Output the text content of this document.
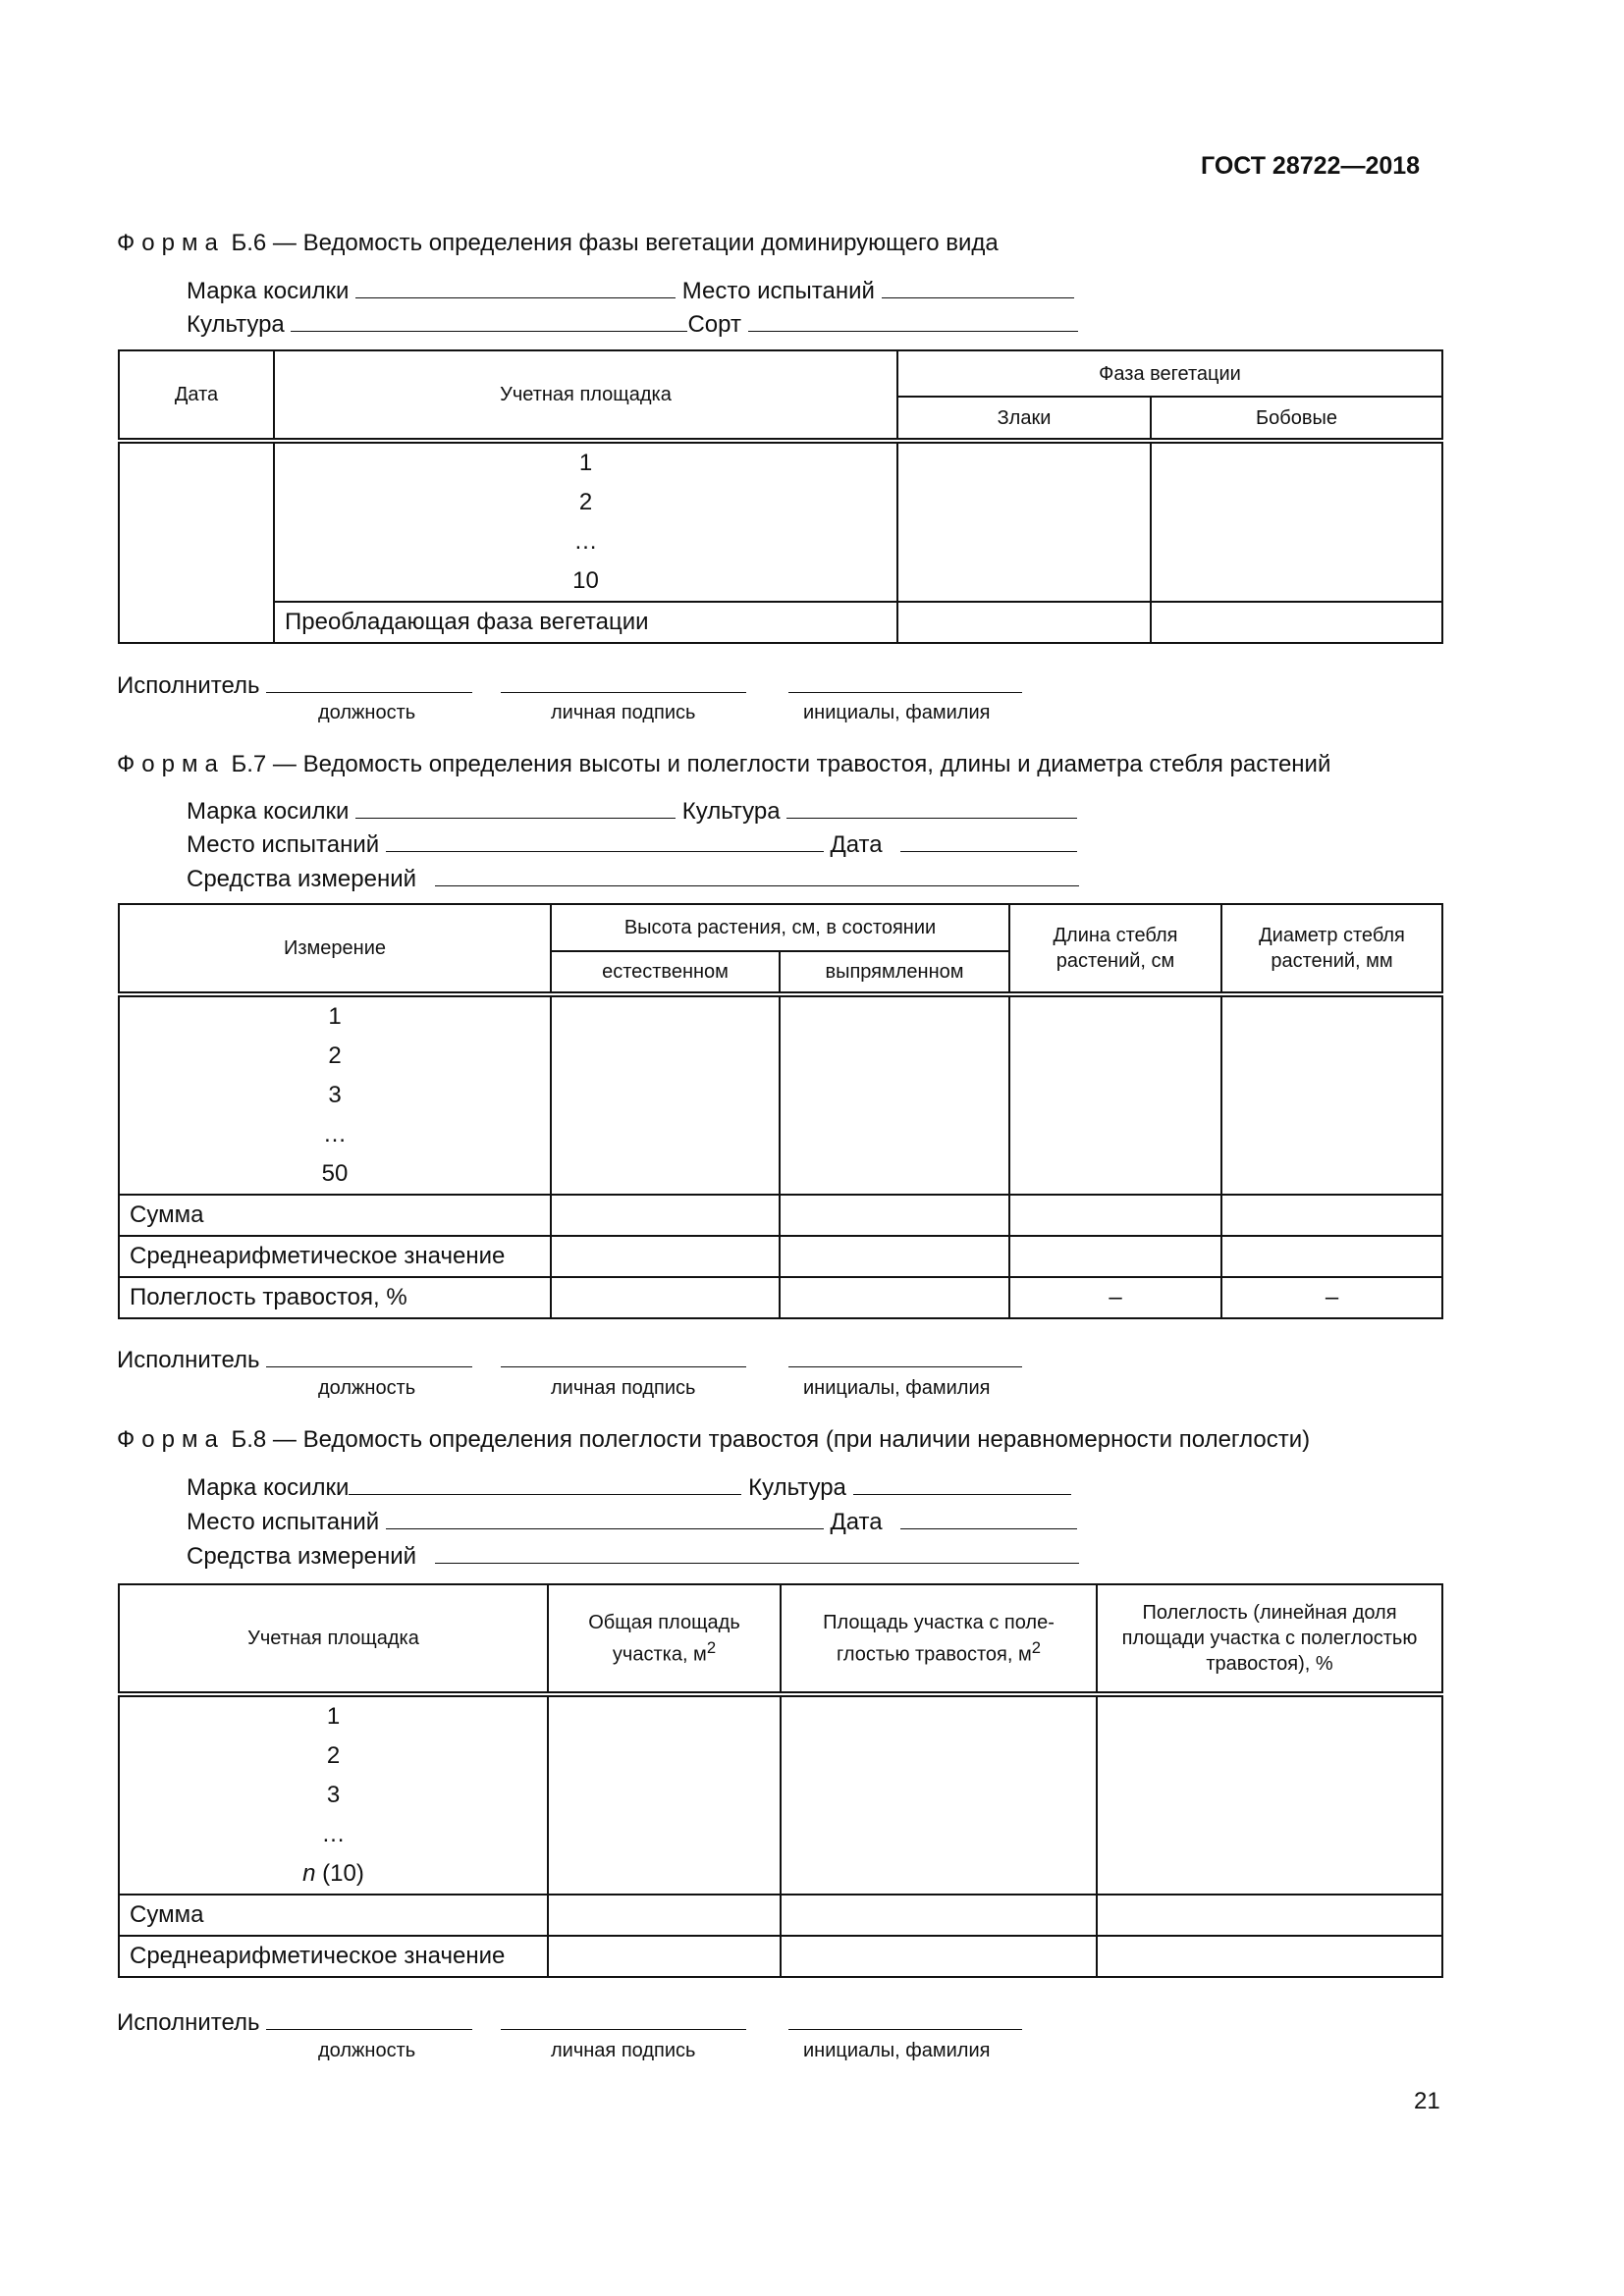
ГОСТ 28722—2018
Форма Б.6 — Ведомость определения фазы вегетации доминирующего вида
Марка косилки	Место испытаний
Культура	Сорт
Дата	Учетная площадка	Фаза вегетации	
		Злаки	Бобовые

	1
2
…
10		

	Преобладающая фаза вегетации		
Исполнитель
должность	личная подпись	инициалы, фамилия
Форма Б.7 — Ведомость определения высоты и полеглости травостоя, длины и диаметра стебля растений
Марка косилки	Культура
Место испытаний	Дата
Средства измерений
Измерение	Высота растения, см, в состоянии		Длина стебля растений, см	Диаметр стебля растений, мм
	естественном	выпрямленном		

1
2
3
…
50				

Сумма				
Среднеарифметическое значение				
Полеглость травостоя, %			–	–
Исполнитель
должность	личная подпись	инициалы, фамилия
Форма Б.8 — Ведомость определения полеглости травостоя (при наличии неравномерности полеглости)
Марка косилки	Культура
Место испытаний	Дата
Средства измерений
Учетная площадка	Общая площадь участка, $м^2$	Площадь участка с поле-глостью травостоя, $м^2$	Полеглость (линейная доля площади участка с полеглостью травостоя), %

1
2
3
…
n (10)			

Сумма			
Среднеарифметическое значение			
Исполнитель
должность	личная подпись	инициалы, фамилия
21
